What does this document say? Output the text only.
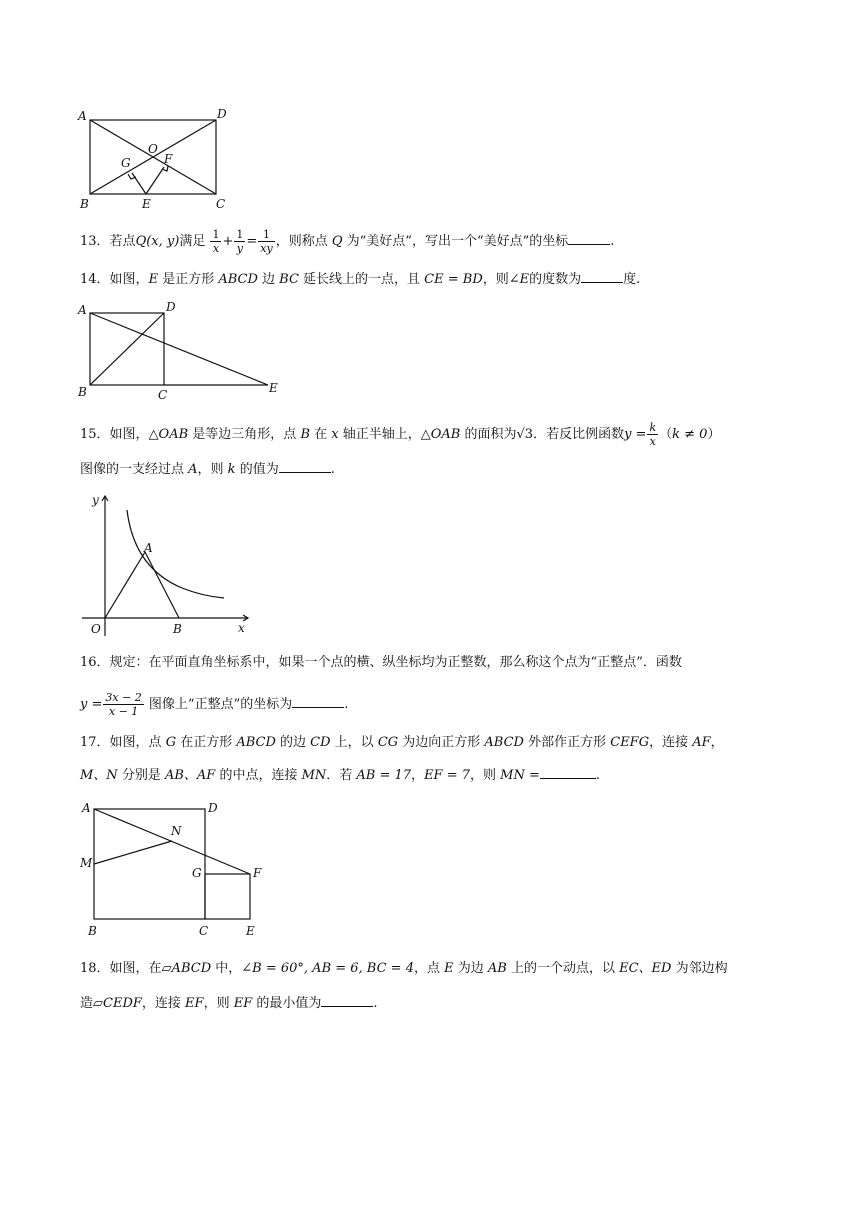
A	D
O
G	F
B	E	C
13．若点Q(x, y)满足 $\frac{1}{x} + \frac{1}{y} = \frac{1}{xy}$ ，则称点 Q 为“美好点”，写出一个“美好点”的坐标	.
14．如图，E 是正方形 ABCD 边 BC 延长线上的一点，且 CE = BD，则∠E的度数为	度.
A	D
B	C	E
15．如图，△OAB 是等边三角形，点 B 在 x 轴正半轴上，△OAB 的面积为√3．若反比例函数$y = \frac{k}{x} (k \ne 0)$
图像的一支经过点 A，则 k 的值为	.
y
A
O	B	x
16．规定：在平面直角坐标系中，如果一个点的横、纵坐标均为正整数，那么称这个点为“正整点”．函数
$y = \frac{3x - 2}{x - 1}$ 图像上“正整点”的坐标为	.
17．如图，点 G 在正方形 ABCD 的边 CD 上，以 CG 为边向正方形 ABCD 外部作正方形 CEFG，连接 AF，
M、N 分别是 AB、AF 的中点，连接 MN．若 AB = 17，EF = 7，则 MN =	.
A	D
N
M
G	F
B	C	E
18．如图，在▱ABCD 中，∠B = 60°, AB = 6, BC = 4，点 E 为边 AB 上的一个动点，以 EC、ED 为邻边构
造▱CEDF，连接 EF，则 EF 的最小值为	.
